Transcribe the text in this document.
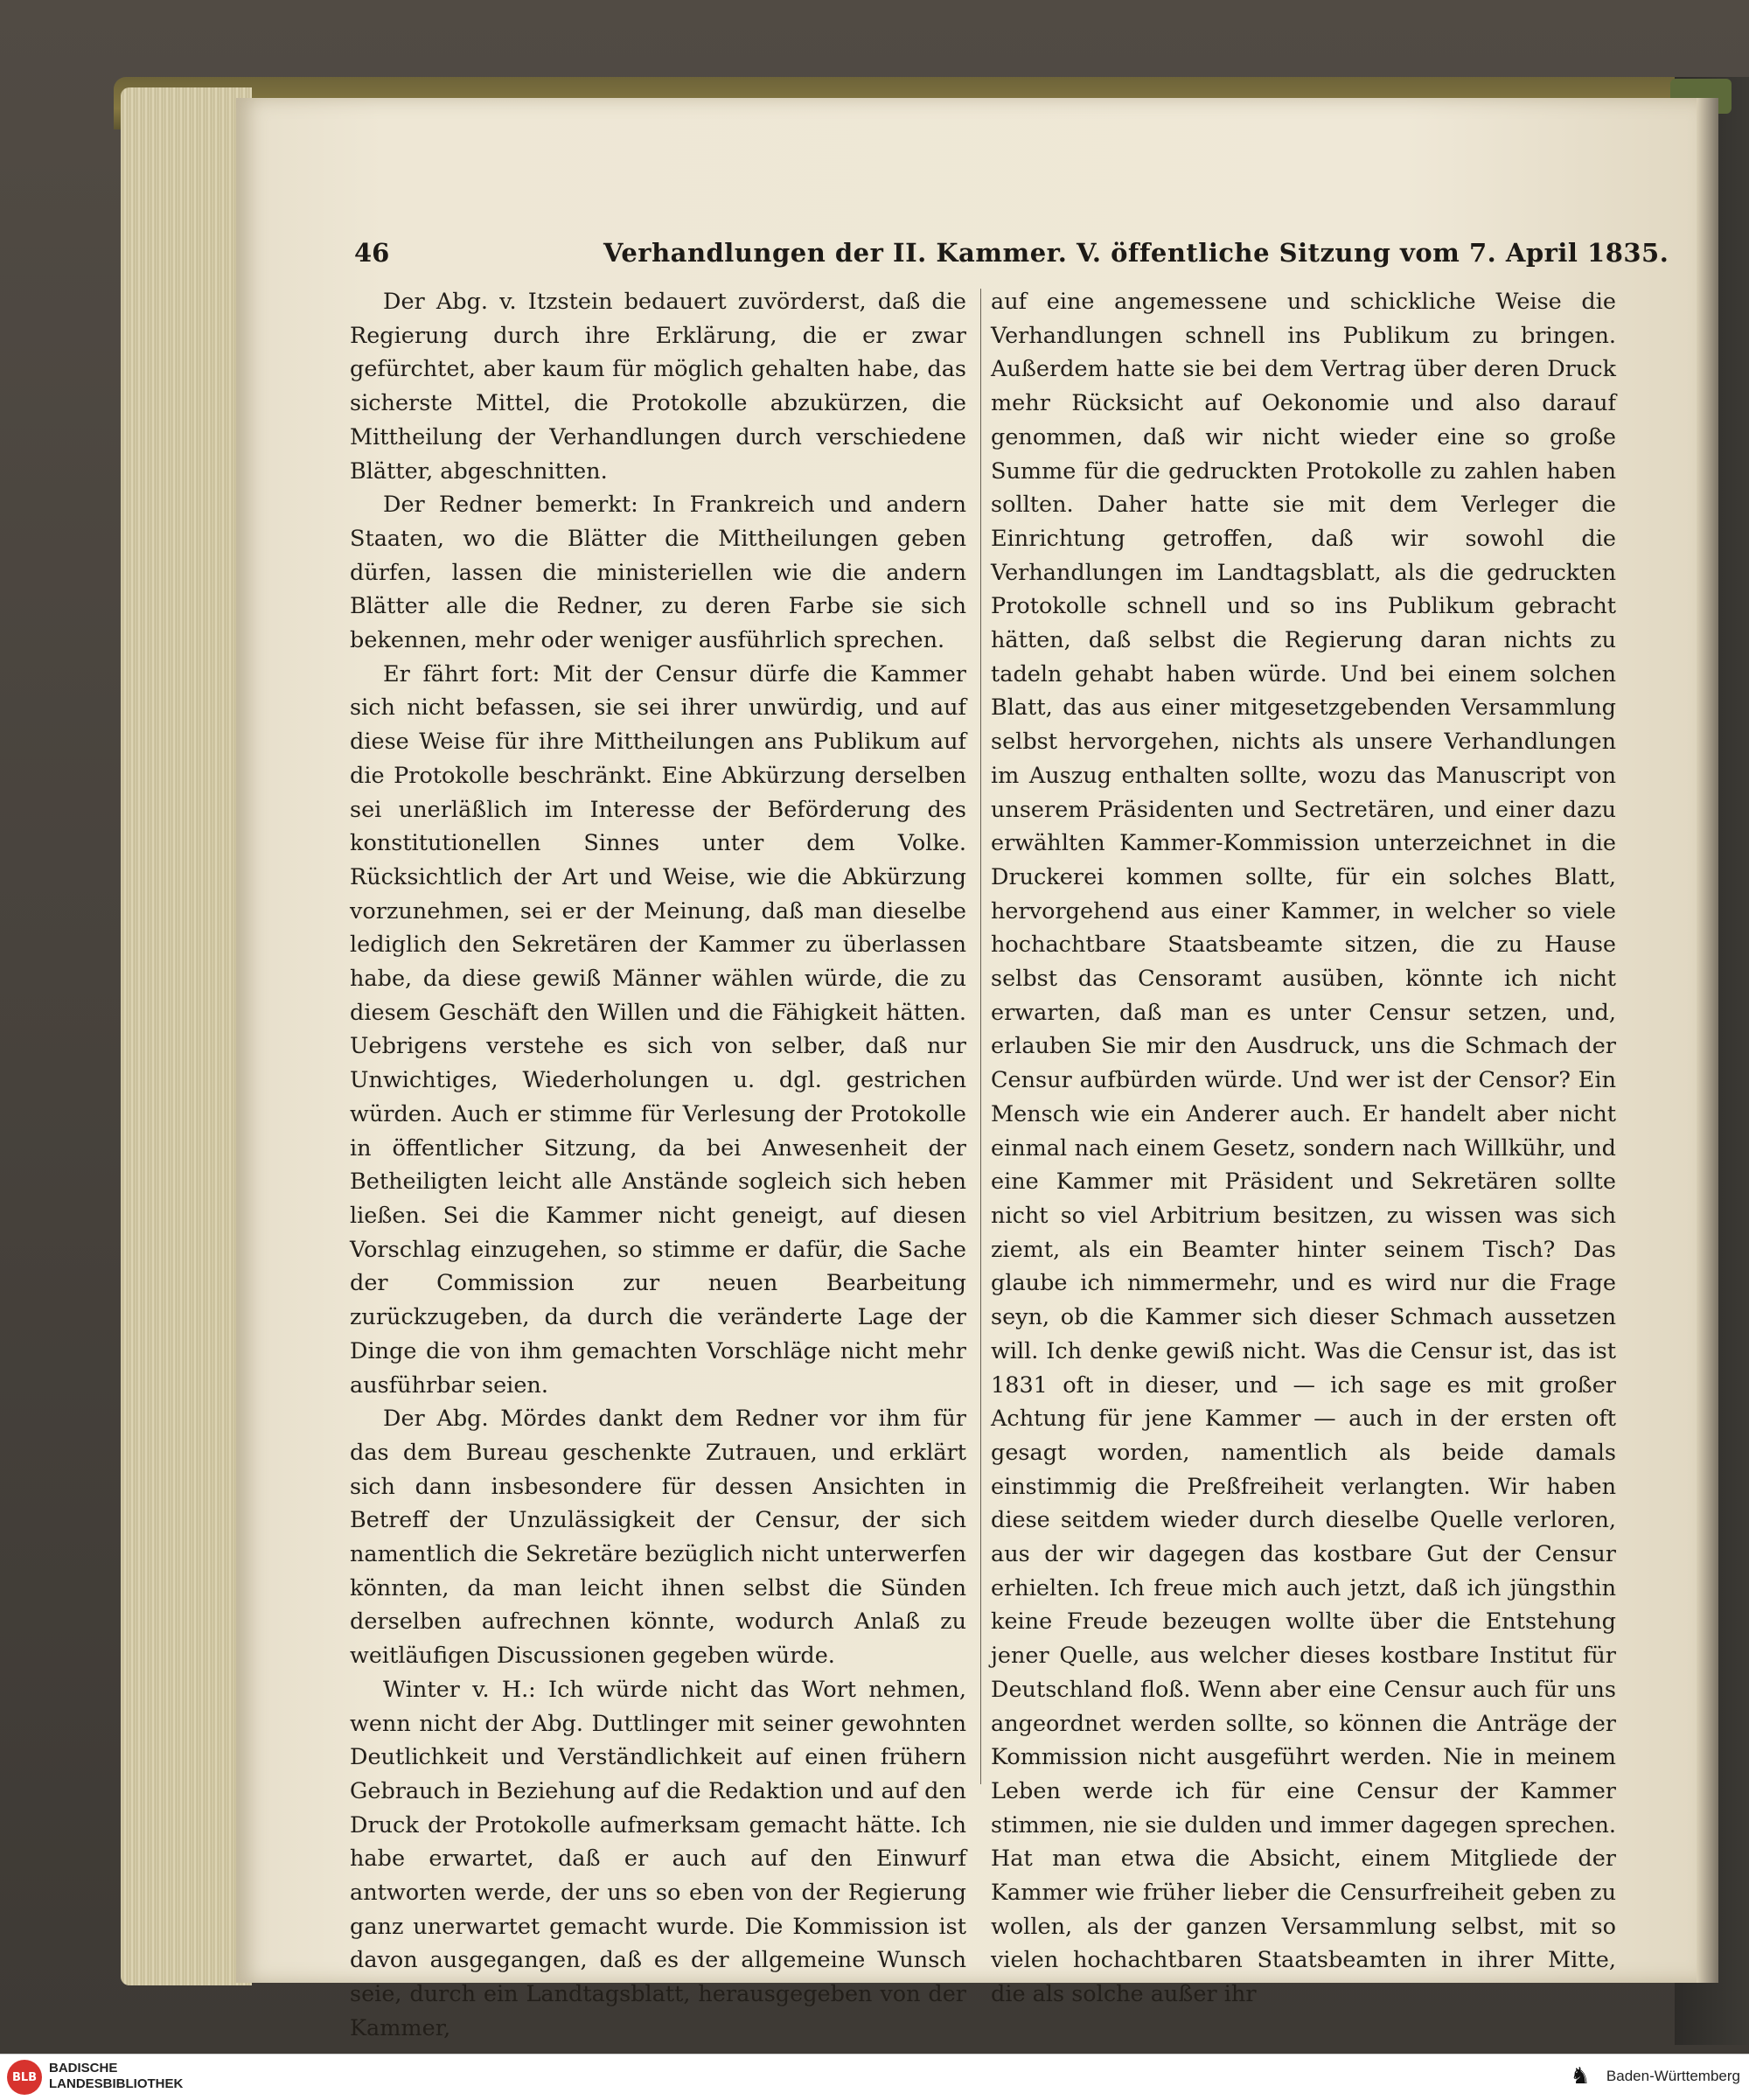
46	Verhandlungen der II. Kammer. V. öffentliche Sitzung vom 7. April 1835.

Der Abg. v. Itzstein bedauert zuvörderst, daß die Regierung durch ihre Erklärung, die er zwar gefürchtet, aber kaum für möglich gehalten habe, das sicherste Mittel, die Protokolle abzukürzen, die Mittheilung der Verhandlungen durch verschiedene Blätter, abgeschnitten.

Der Redner bemerkt: In Frankreich und andern Staaten, wo die Blätter die Mittheilungen geben dürfen, lassen die ministeriellen wie die andern Blätter alle die Redner, zu deren Farbe sie sich bekennen, mehr oder weniger ausführlich sprechen.

Er fährt fort: Mit der Censur dürfe die Kammer sich nicht befassen, sie sei ihrer unwürdig, und auf diese Weise für ihre Mittheilungen ans Publikum auf die Protokolle beschränkt. Eine Abkürzung derselben sei unerläßlich im Interesse der Beförderung des konstitutionellen Sinnes unter dem Volke. Rücksichtlich der Art und Weise, wie die Abkürzung vorzunehmen, sei er der Meinung, daß man dieselbe lediglich den Sekretären der Kammer zu überlassen habe, da diese gewiß Männer wählen würde, die zu diesem Geschäft den Willen und die Fähigkeit hätten. Uebrigens verstehe es sich von selber, daß nur Unwichtiges, Wiederholungen u. dgl. gestrichen würden. Auch er stimme für Verlesung der Protokolle in öffentlicher Sitzung, da bei Anwesenheit der Betheiligten leicht alle Anstände sogleich sich heben ließen. Sei die Kammer nicht geneigt, auf diesen Vorschlag einzugehen, so stimme er dafür, die Sache der Commission zur neuen Bearbeitung zurückzugeben, da durch die veränderte Lage der Dinge die von ihm gemachten Vorschläge nicht mehr ausführbar seien.

Der Abg. Mördes dankt dem Redner vor ihm für das dem Bureau geschenkte Zutrauen, und erklärt sich dann insbesondere für dessen Ansichten in Betreff der Unzulässigkeit der Censur, der sich namentlich die Sekretäre bezüglich nicht unterwerfen könnten, da man leicht ihnen selbst die Sünden derselben aufrechnen könnte, wodurch Anlaß zu weitläufigen Discussionen gegeben würde.

Winter v. H.: Ich würde nicht das Wort nehmen, wenn nicht der Abg. Duttlinger mit seiner gewohnten Deutlichkeit und Verständlichkeit auf einen frühern Gebrauch in Beziehung auf die Redaktion und auf den Druck der Protokolle aufmerksam gemacht hätte. Ich habe erwartet, daß er auch auf den Einwurf antworten werde, der uns so eben von der Regierung ganz unerwartet gemacht wurde. Die Kommission ist davon ausgegangen, daß es der allgemeine Wunsch seie, durch ein Landtagsblatt, herausgegeben von der Kammer,

auf eine angemessene und schickliche Weise die Verhandlungen schnell ins Publikum zu bringen. Außerdem hatte sie bei dem Vertrag über deren Druck mehr Rücksicht auf Oekonomie und also darauf genommen, daß wir nicht wieder eine so große Summe für die gedruckten Protokolle zu zahlen haben sollten. Daher hatte sie mit dem Verleger die Einrichtung getroffen, daß wir sowohl die Verhandlungen im Landtagsblatt, als die gedruckten Protokolle schnell und so ins Publikum gebracht hätten, daß selbst die Regierung daran nichts zu tadeln gehabt haben würde. Und bei einem solchen Blatt, das aus einer mitgesetzgebenden Versammlung selbst hervorgehen, nichts als unsere Verhandlungen im Auszug enthalten sollte, wozu das Manuscript von unserem Präsidenten und Sectretären, und einer dazu erwählten Kammer-Kommission unterzeichnet in die Druckerei kommen sollte, für ein solches Blatt, hervorgehend aus einer Kammer, in welcher so viele hochachtbare Staatsbeamte sitzen, die zu Hause selbst das Censoramt ausüben, könnte ich nicht erwarten, daß man es unter Censur setzen, und, erlauben Sie mir den Ausdruck, uns die Schmach der Censur aufbürden würde. Und wer ist der Censor? Ein Mensch wie ein Anderer auch. Er handelt aber nicht einmal nach einem Gesetz, sondern nach Willkühr, und eine Kammer mit Präsident und Sekretären sollte nicht so viel Arbitrium besitzen, zu wissen was sich ziemt, als ein Beamter hinter seinem Tisch? Das glaube ich nimmermehr, und es wird nur die Frage seyn, ob die Kammer sich dieser Schmach aussetzen will. Ich denke gewiß nicht. Was die Censur ist, das ist 1831 oft in dieser, und — ich sage es mit großer Achtung für jene Kammer — auch in der ersten oft gesagt worden, namentlich als beide damals einstimmig die Preßfreiheit verlangten. Wir haben diese seitdem wieder durch dieselbe Quelle verloren, aus der wir dagegen das kostbare Gut der Censur erhielten. Ich freue mich auch jetzt, daß ich jüngsthin keine Freude bezeugen wollte über die Entstehung jener Quelle, aus welcher dieses kostbare Institut für Deutschland floß. Wenn aber eine Censur auch für uns angeordnet werden sollte, so können die Anträge der Kommission nicht ausgeführt werden. Nie in meinem Leben werde ich für eine Censur der Kammer stimmen, nie sie dulden und immer dagegen sprechen. Hat man etwa die Absicht, einem Mitgliede der Kammer wie früher lieber die Censurfreiheit geben zu wollen, als der ganzen Versammlung selbst, mit so vielen hochachtbaren Staatsbeamten in ihrer Mitte, die als solche außer ihr

BLB
BADISCHE
LANDESBIBLIOTHEK	♞	Baden-Württemberg
